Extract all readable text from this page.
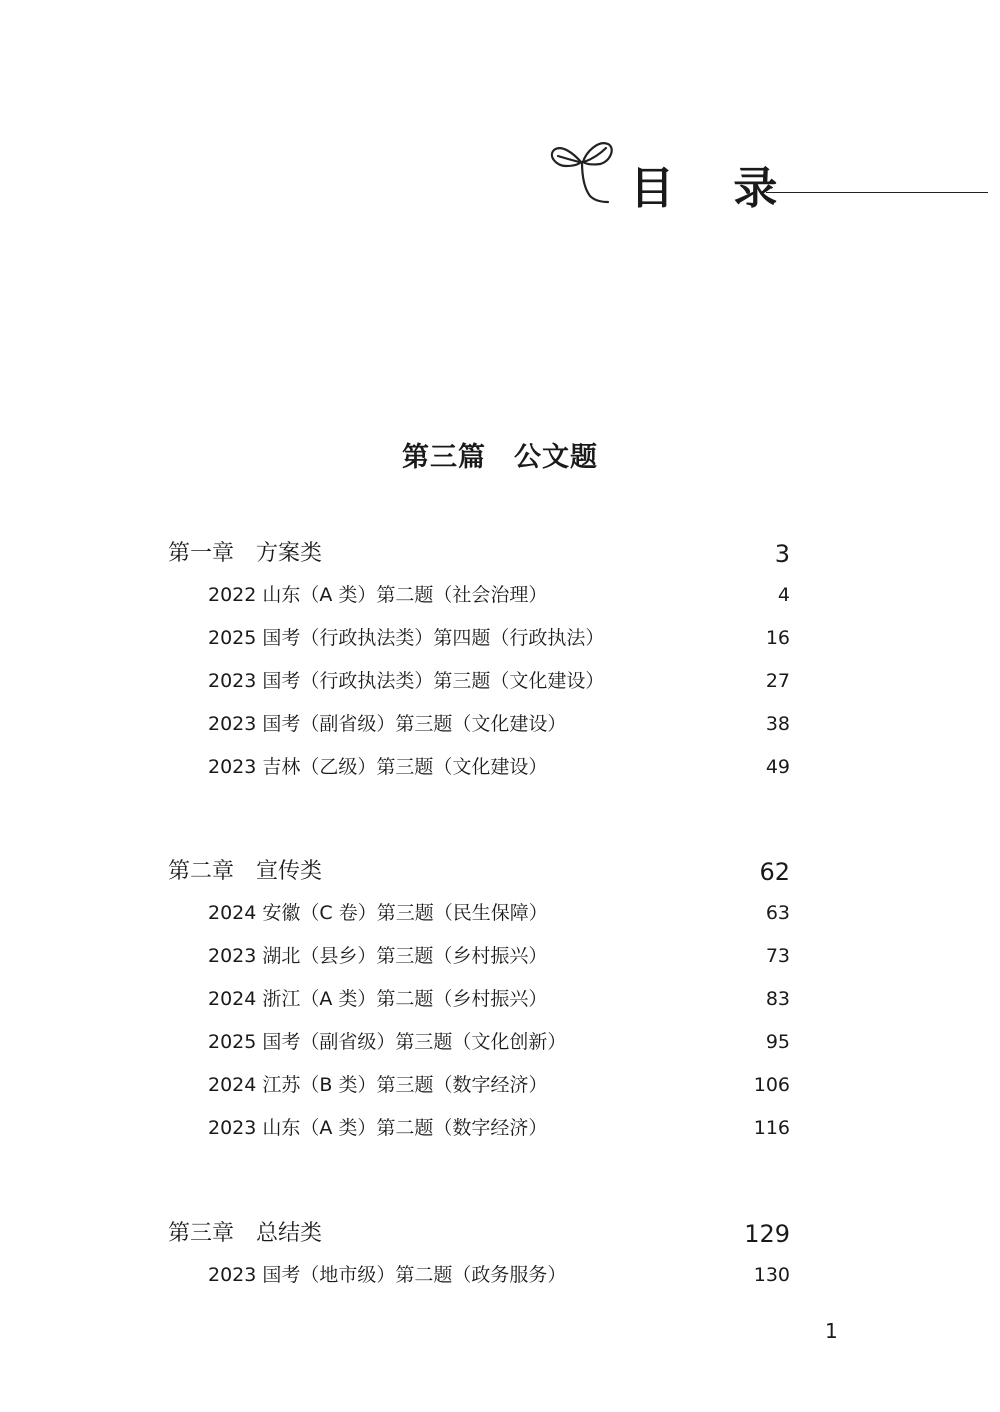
目 录
第三篇　公文题
第一章　方案类	3
2022 山东（A 类）第二题（社会治理）	4
2025 国考（行政执法类）第四题（行政执法）	16
2023 国考（行政执法类）第三题（文化建设）	27
2023 国考（副省级）第三题（文化建设）	38
2023 吉林（乙级）第三题（文化建设）	49
第二章　宣传类	62
2024 安徽（C 卷）第三题（民生保障）	63
2023 湖北（县乡）第三题（乡村振兴）	73
2024 浙江（A 类）第二题（乡村振兴）	83
2025 国考（副省级）第三题（文化创新）	95
2024 江苏（B 类）第三题（数字经济）	106
2023 山东（A 类）第二题（数字经济）	116
第三章　总结类	129
2023 国考（地市级）第二题（政务服务）	130
1
